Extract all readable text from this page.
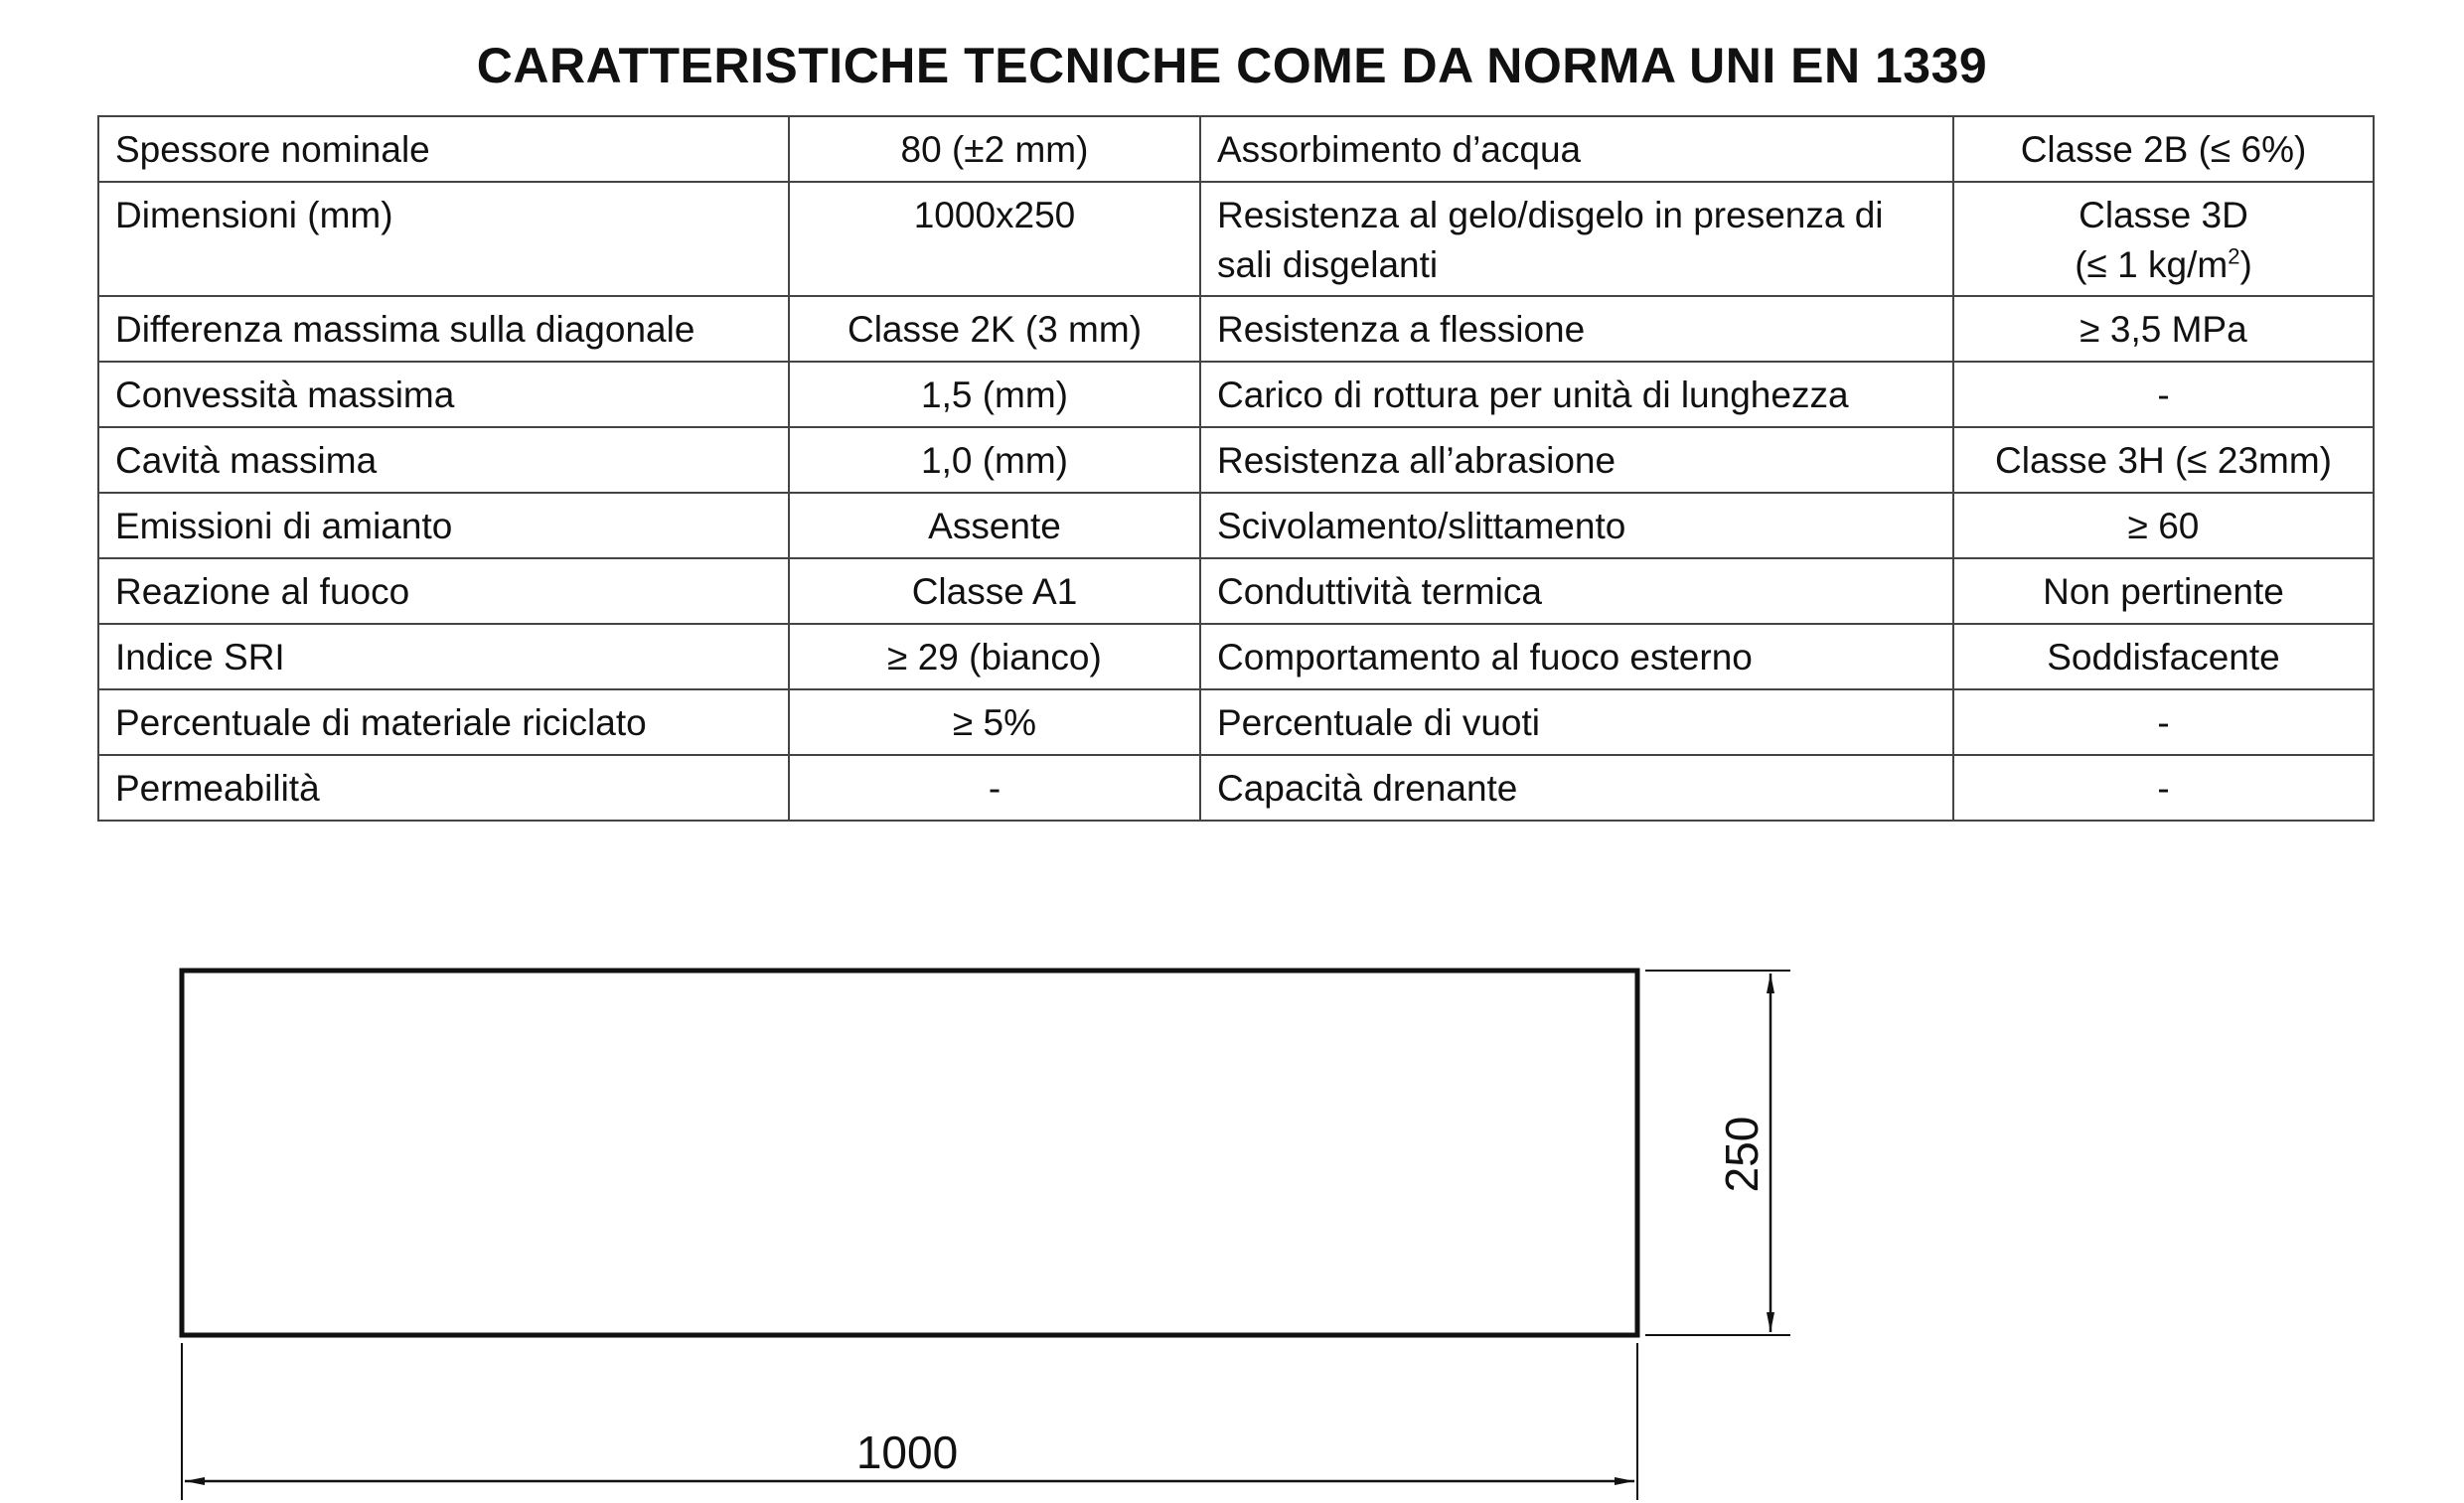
CARATTERISTICHE TECNICHE COME DA NORMA UNI EN 1339
Spessore nominale	80 (±2 mm)	Assorbimento d’acqua	Classe 2B (≤ 6%)
Dimensioni (mm)	1000x250	Resistenza al gelo/disgelo in presenza di sali disgelanti	Classe 3D
(≤ 1 $kg/m^2$)
Differenza massima sulla diagonale	Classe 2K (3 mm)	Resistenza a flessione	≥ 3,5 MPa
Convessità massima	1,5 (mm)	Carico di rottura per unità di lunghezza	-
Cavità massima	1,0 (mm)	Resistenza all’abrasione	Classe 3H (≤ 23mm)
Emissioni di amianto	Assente	Scivolamento/slittamento	≥ 60
Reazione al fuoco	Classe A1	Conduttività termica	Non pertinente
Indice SRI	≥ 29 (bianco)	Comportamento al fuoco esterno	Soddisfacente
Percentuale di materiale riciclato	≥ 5%	Percentuale di vuoti	-
Permeabilità	-	Capacità drenante	-
1000
250
